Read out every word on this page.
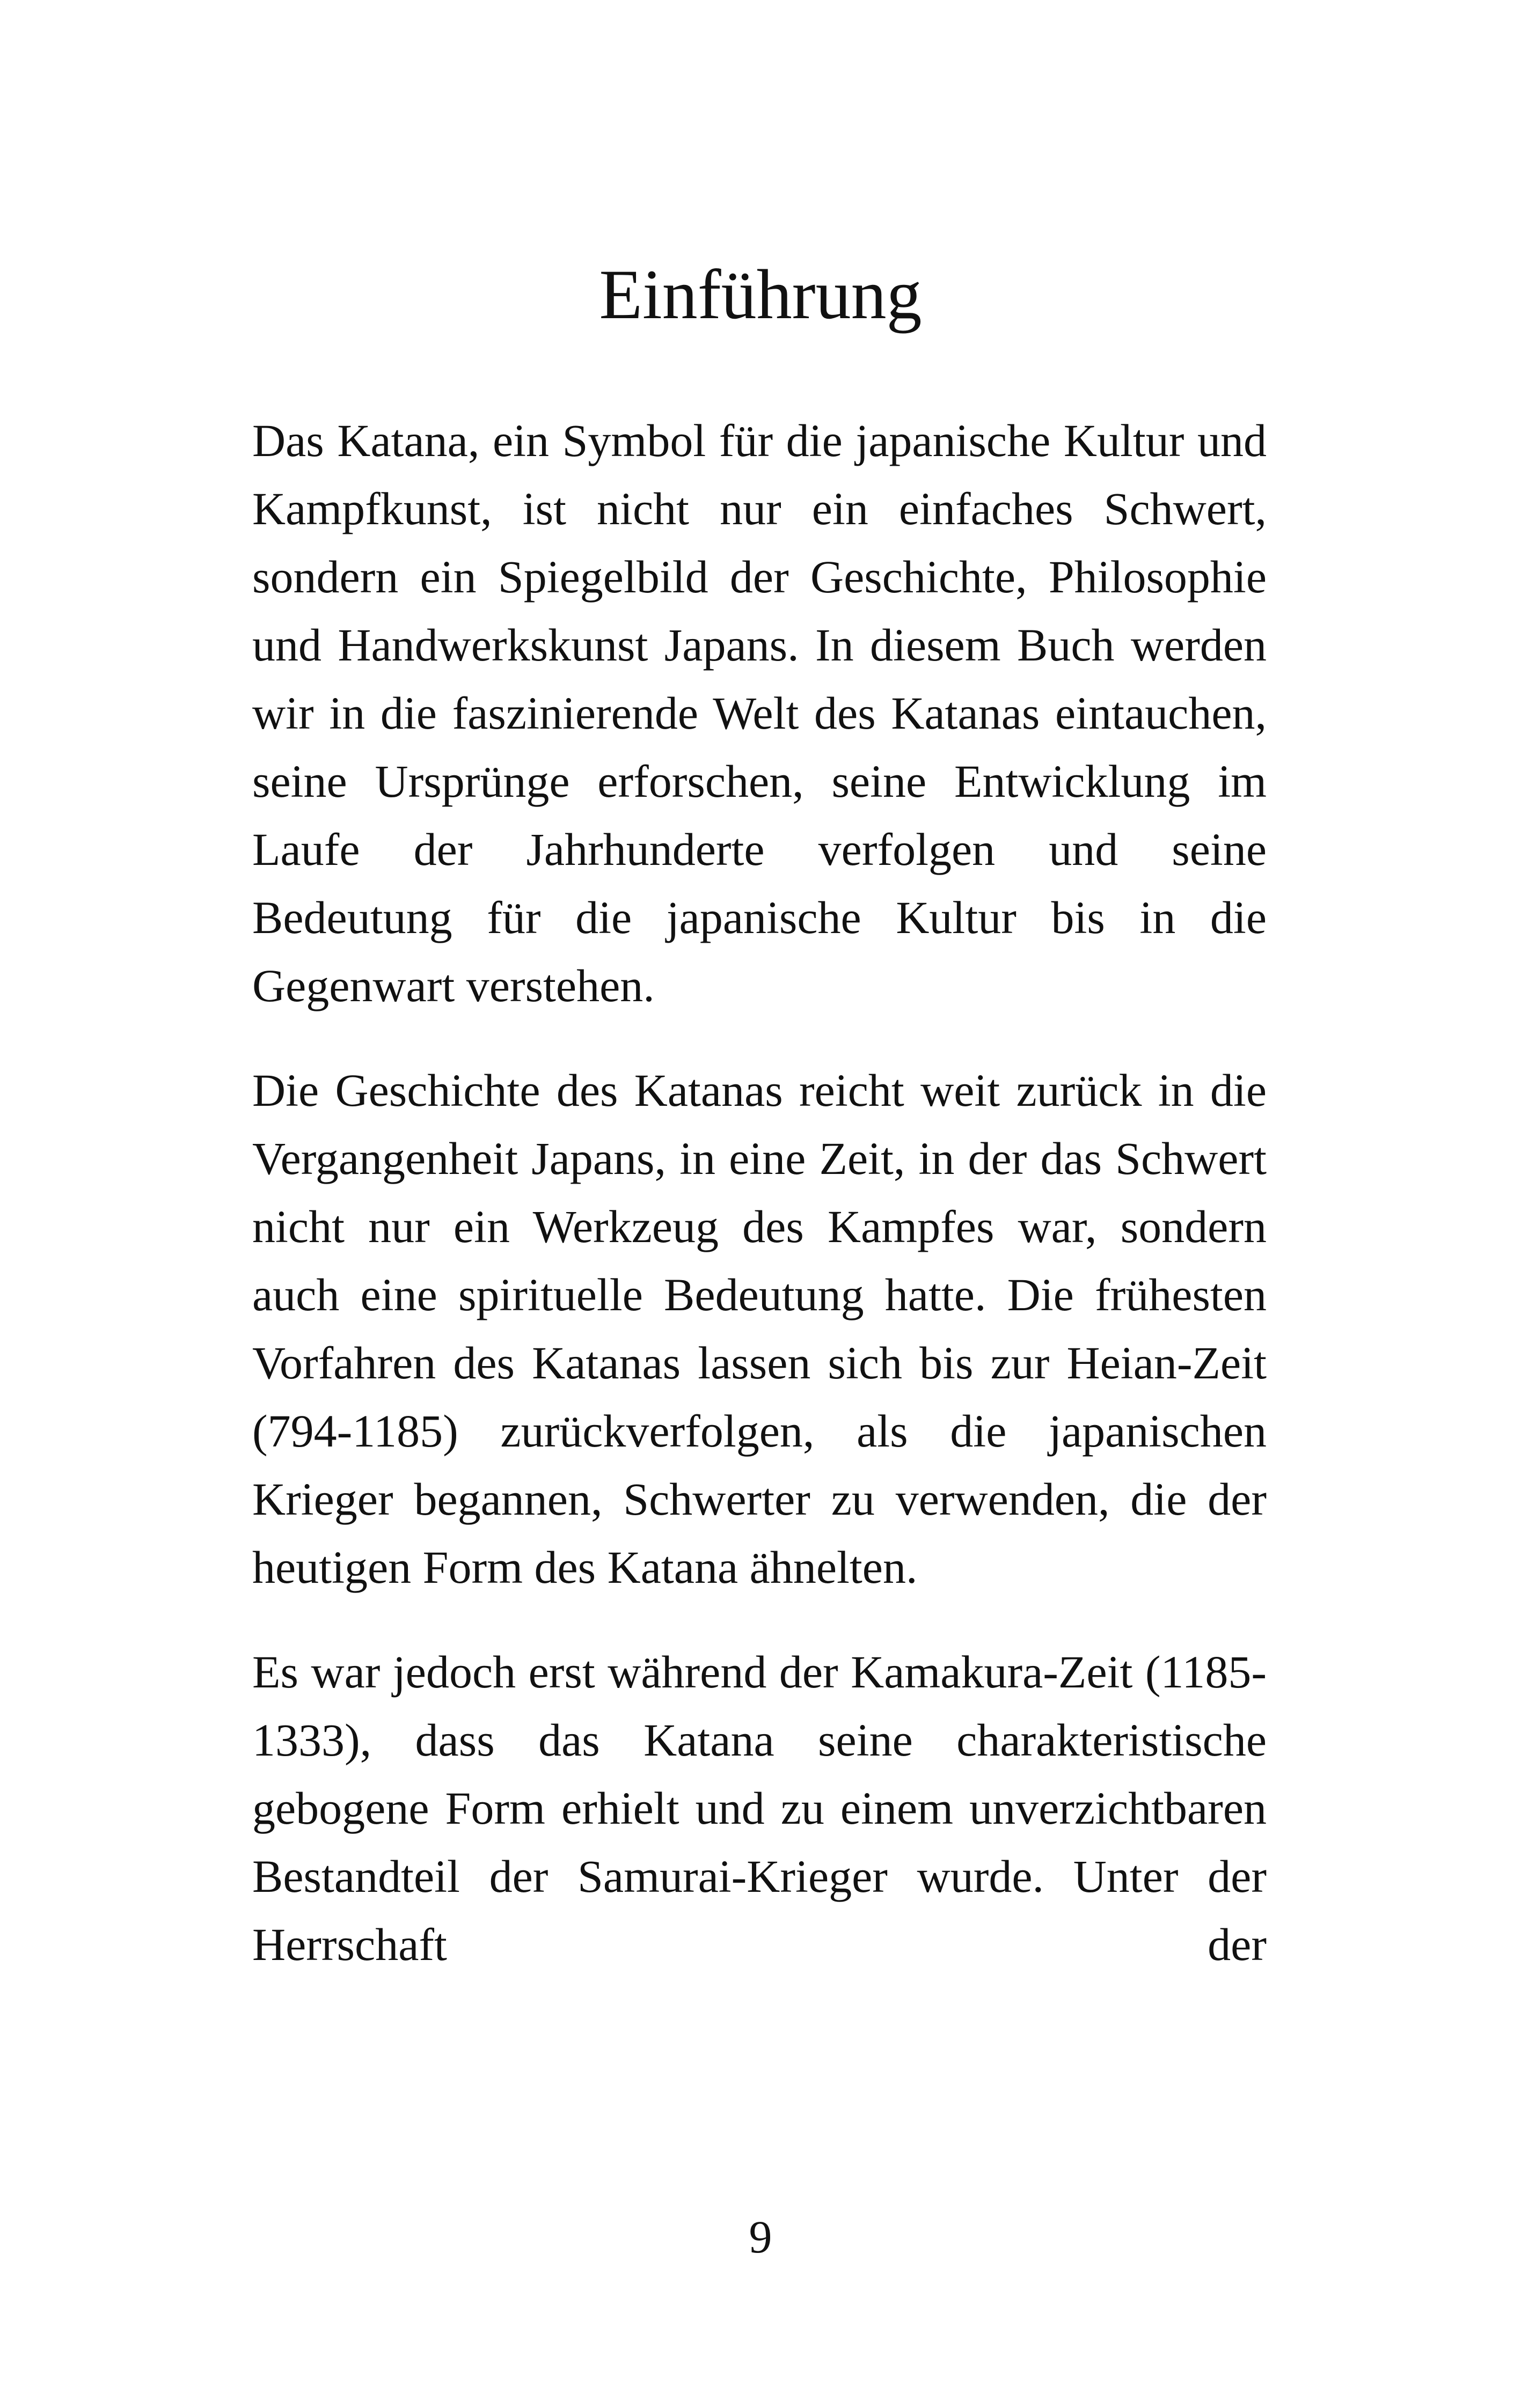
Einführung

Das Katana, ein Symbol für die japanische Kultur und Kampfkunst, ist nicht nur ein einfaches Schwert, sondern ein Spiegelbild der Geschichte, Philosophie und Handwerkskunst Japans. In diesem Buch werden wir in die faszinierende Welt des Katanas eintauchen, seine Ursprünge erforschen, seine Entwicklung im Laufe der Jahrhunderte verfolgen und seine Bedeutung für die japanische Kultur bis in die Gegenwart verstehen.

Die Geschichte des Katanas reicht weit zurück in die Vergangenheit Japans, in eine Zeit, in der das Schwert nicht nur ein Werkzeug des Kampfes war, sondern auch eine spirituelle Bedeutung hatte. Die frühesten Vorfahren des Katanas lassen sich bis zur Heian-Zeit (794-1185) zurückverfolgen, als die japanischen Krieger begannen, Schwerter zu verwenden, die der heutigen Form des Katana ähnelten.

Es war jedoch erst während der Kamakura-Zeit (1185-1333), dass das Katana seine charakteristische gebogene Form erhielt und zu einem unverzichtbaren Bestandteil der Samurai-Krieger wurde. Unter der Herrschaft der

9
